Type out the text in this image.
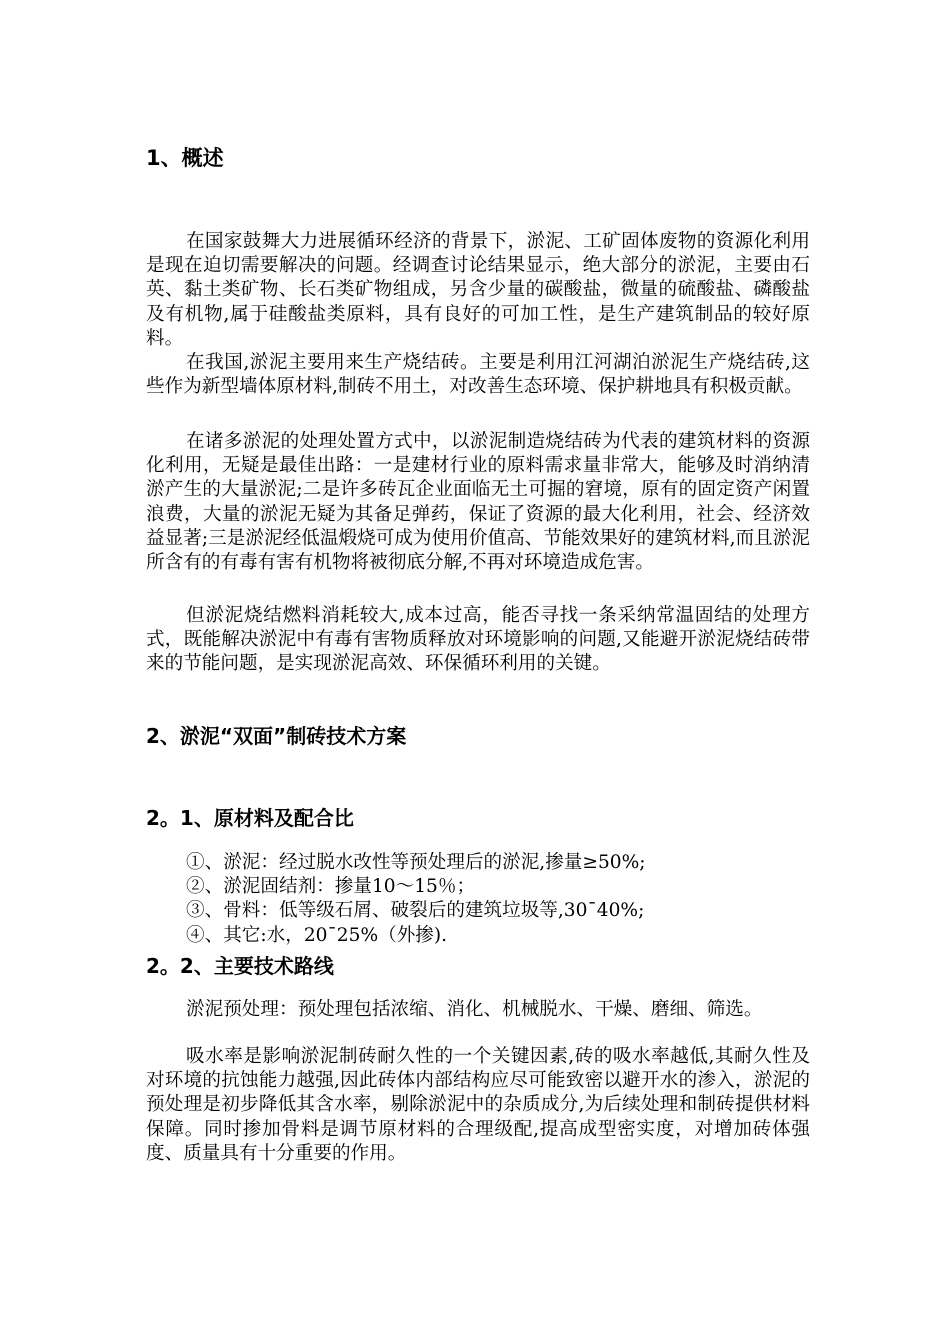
1、概述

在国家鼓舞大力进展循环经济的背景下，淤泥、工矿固体废物的资源化利用是现在迫切需要解决的问题。经调查讨论结果显示，绝大部分的淤泥，主要由石英、黏土类矿物、长石类矿物组成，另含少量的碳酸盐，微量的硫酸盐、磷酸盐及有机物,属于硅酸盐类原料，具有良好的可加工性，是生产建筑制品的较好原料。

在我国,淤泥主要用来生产烧结砖。主要是利用江河湖泊淤泥生产烧结砖,这些作为新型墙体原材料,制砖不用土，对改善生态环境、保护耕地具有积极贡献。

在诸多淤泥的处理处置方式中，以淤泥制造烧结砖为代表的建筑材料的资源化利用，无疑是最佳出路：一是建材行业的原料需求量非常大，能够及时消纳清淤产生的大量淤泥;二是许多砖瓦企业面临无土可掘的窘境，原有的固定资产闲置浪费，大量的淤泥无疑为其备足弹药，保证了资源的最大化利用，社会、经济效益显著;三是淤泥经低温煅烧可成为使用价值高、节能效果好的建筑材料,而且淤泥所含有的有毒有害有机物将被彻底分解,不再对环境造成危害。

但淤泥烧结燃料消耗较大,成本过高，能否寻找一条采纳常温固结的处理方式，既能解决淤泥中有毒有害物质释放对环境影响的问题,又能避开淤泥烧结砖带来的节能问题，是实现淤泥高效、环保循环利用的关键。

2、淤泥“双面”制砖技术方案
2。1、原材料及配合比
①、淤泥：经过脱水改性等预处理后的淤泥,掺量≥50%;
②、淤泥固结剂：掺量10～15％；
③、骨料：低等级石屑、破裂后的建筑垃圾等,30¯40%;
④、其它:水，20¯25%（外掺).
2。2、主要技术路线

淤泥预处理：预处理包括浓缩、消化、机械脱水、干燥、磨细、筛选。

吸水率是影响淤泥制砖耐久性的一个关键因素,砖的吸水率越低,其耐久性及对环境的抗蚀能力越强,因此砖体内部结构应尽可能致密以避开水的渗入，淤泥的预处理是初步降低其含水率，剔除淤泥中的杂质成分,为后续处理和制砖提供材料保障。同时掺加骨料是调节原材料的合理级配,提高成型密实度，对增加砖体强度、质量具有十分重要的作用。
